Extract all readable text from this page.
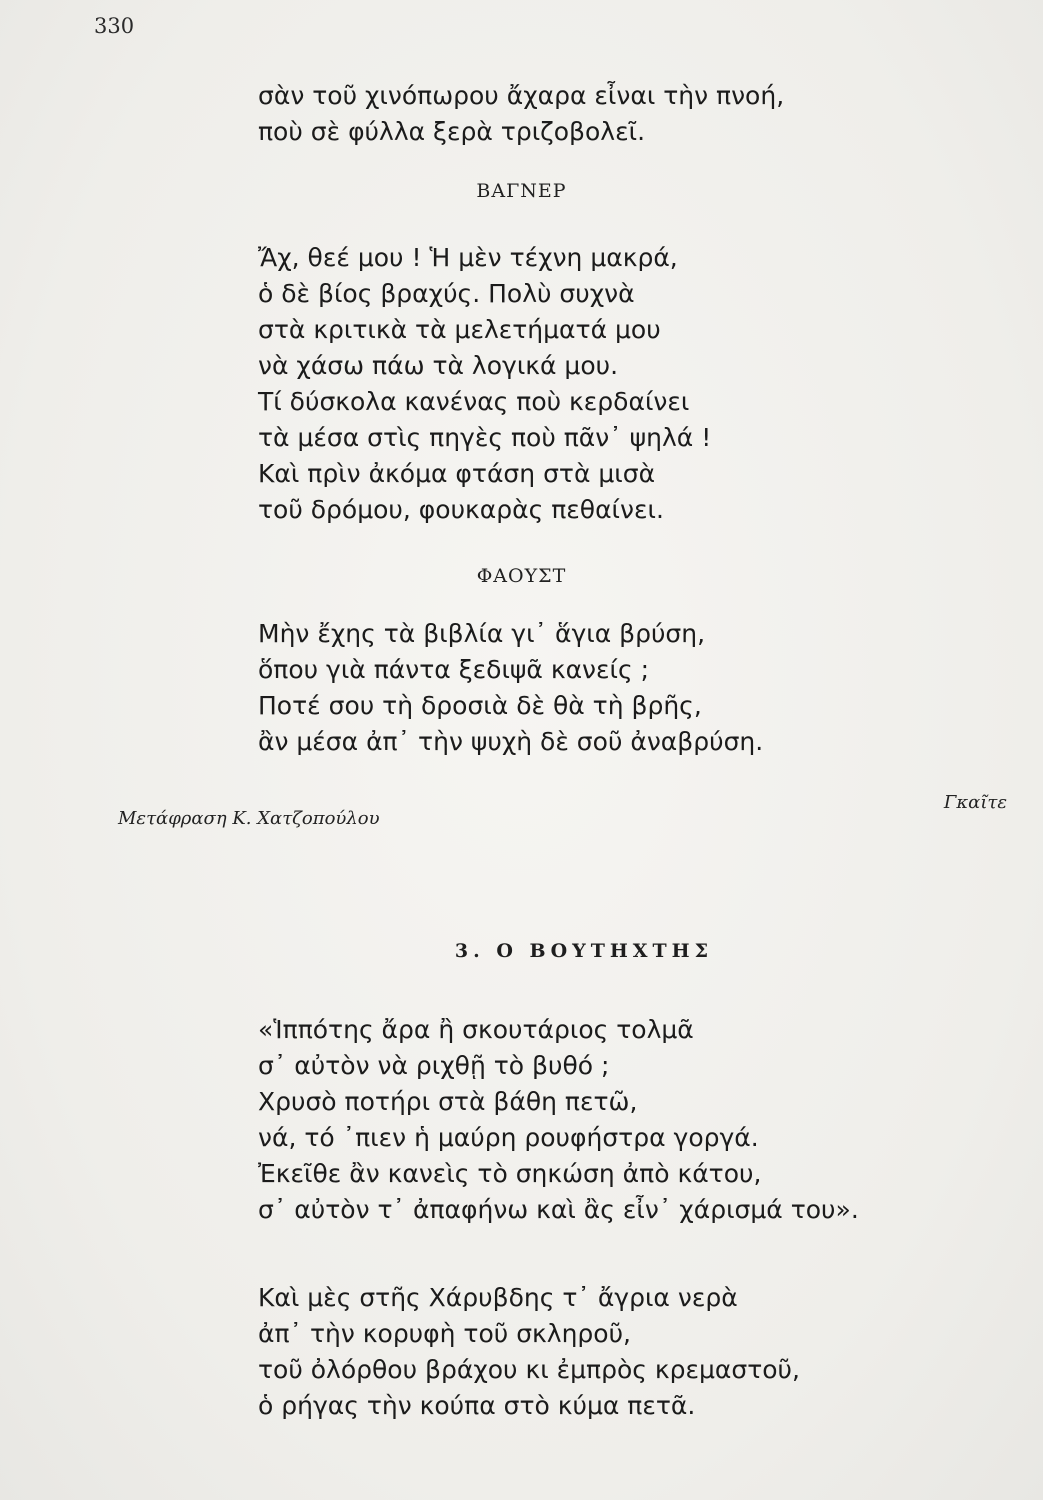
330
σὰν τοῦ χινόπωρου ἄχαρα εἶναι τὴν πνοή,
ποὺ σὲ φύλλα ξερὰ τριζοβολεῖ.
ΒΑΓΝΕΡ
Ἄχ, θεέ μου ! Ἡ μὲν τέχνη μακρά,
ὁ δὲ βίος βραχύς. Πολὺ συχνὰ
στὰ κριτικὰ τὰ μελετήματά μου
νὰ χάσω πάω τὰ λογικά μου.
Τί δύσκολα κανένας ποὺ κερδαίνει
τὰ μέσα στὶς πηγὲς ποὺ πᾶν᾽ ψηλά !
Καὶ πρὶν ἀκόμα φτάση στὰ μισὰ
τοῦ δρόμου, φουκαρὰς πεθαίνει.
ΦΑΟΥΣΤ
Μὴν ἔχης τὰ βιβλία γι᾽ ἅγια βρύση,
ὅπου γιὰ πάντα ξεδιψᾶ κανείς ;
Ποτέ σου τὴ δροσιὰ δὲ θὰ τὴ βρῆς,
ἂν μέσα ἀπ᾽ τὴν ψυχὴ δὲ σοῦ ἀναβρύση.
Μετάφραση Κ. Χατζοπούλου
Γκαῖτε
3. Ο ΒΟΥΤΗΧΤΗΣ
«Ἱππότης ἄρα ἢ σκουτάριος τολμᾶ
σ᾽ αὐτὸν νὰ ριχθῇ τὸ βυθό ;
Χρυσὸ ποτήρι στὰ βάθη πετῶ,
νά, τό ᾽πιεν ἡ μαύρη ρουφήστρα γοργά.
Ἐκεῖθε ἂν κανεὶς τὸ σηκώση ἀπὸ κάτου,
σ᾽ αὐτὸν τ᾽ ἀπαφήνω καὶ ἂς εἶν᾽ χάρισμά του».
Καὶ μὲς στῆς Χάρυβδης τ᾽ ἄγρια νερὰ
ἀπ᾽ τὴν κορυφὴ τοῦ σκληροῦ,
τοῦ ὀλόρθου βράχου κι ἐμπρὸς κρεμαστοῦ,
ὁ ρήγας τὴν κούπα στὸ κύμα πετᾶ.
